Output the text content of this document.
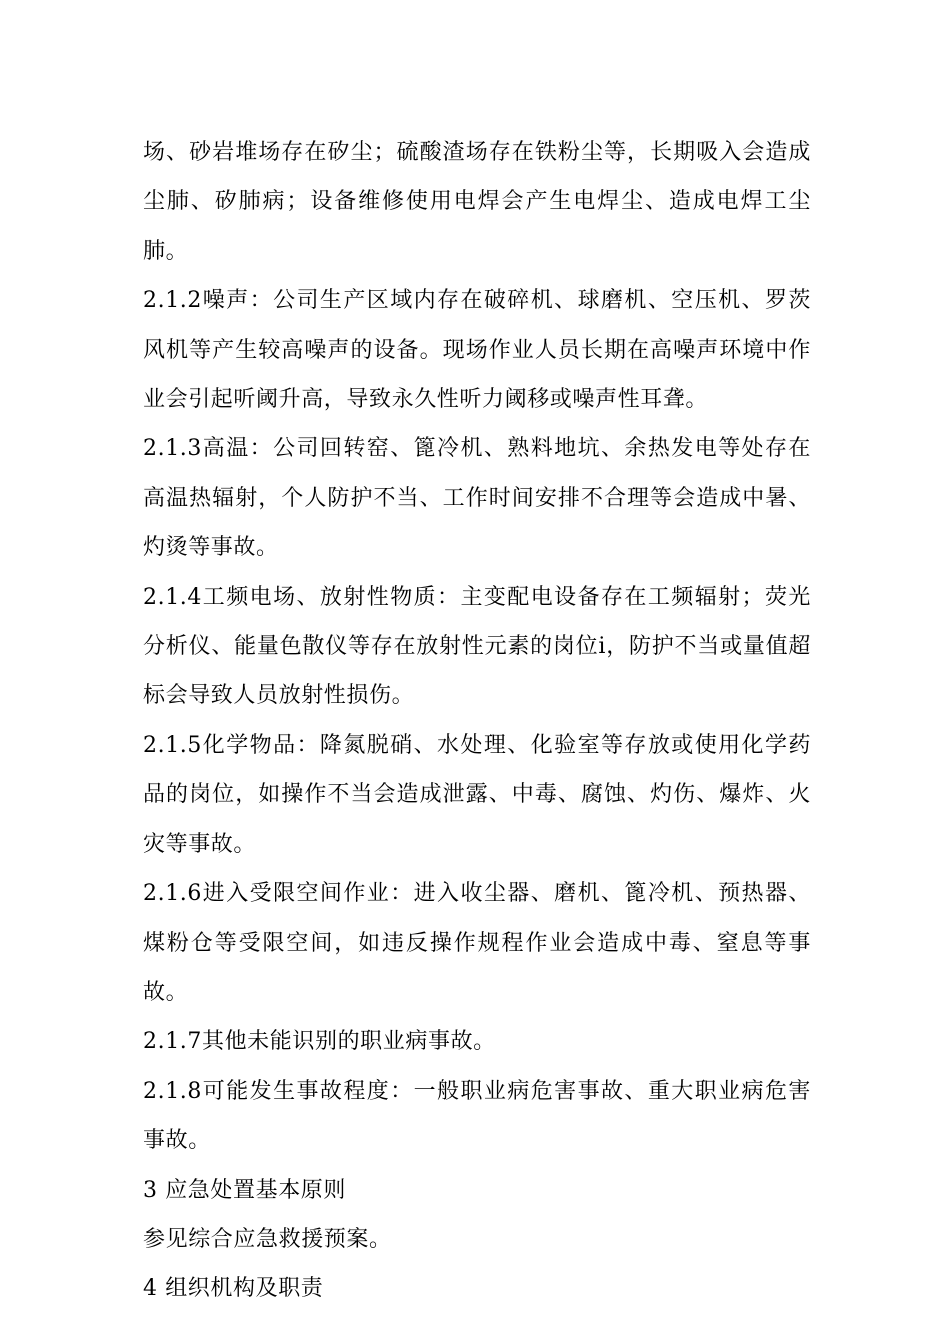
场、砂岩堆场存在矽尘；硫酸渣场存在铁粉尘等，长期吸入会造成尘肺、矽肺病；设备维修使用电焊会产生电焊尘、造成电焊工尘肺。

2.1.2噪声：公司生产区域内存在破碎机、球磨机、空压机、罗茨风机等产生较高噪声的设备。现场作业人员长期在高噪声环境中作业会引起听阈升高，导致永久性听力阈移或噪声性耳聋。

2.1.3高温：公司回转窑、篦冷机、熟料地坑、余热发电等处存在高温热辐射，个人防护不当、工作时间安排不合理等会造成中暑、灼烫等事故。

2.1.4工频电场、放射性物质：主变配电设备存在工频辐射；荧光分析仪、能量色散仪等存在放射性元素的岗位i，防护不当或量值超标会导致人员放射性损伤。

2.1.5化学物品：降氮脱硝、水处理、化验室等存放或使用化学药品的岗位，如操作不当会造成泄露、中毒、腐蚀、灼伤、爆炸、火灾等事故。

2.1.6进入受限空间作业：进入收尘器、磨机、篦冷机、预热器、煤粉仓等受限空间，如违反操作规程作业会造成中毒、窒息等事故。

2.1.7其他未能识别的职业病事故。

2.1.8可能发生事故程度：一般职业病危害事故、重大职业病危害事故。

3 应急处置基本原则

参见综合应急救援预案。

4 组织机构及职责
